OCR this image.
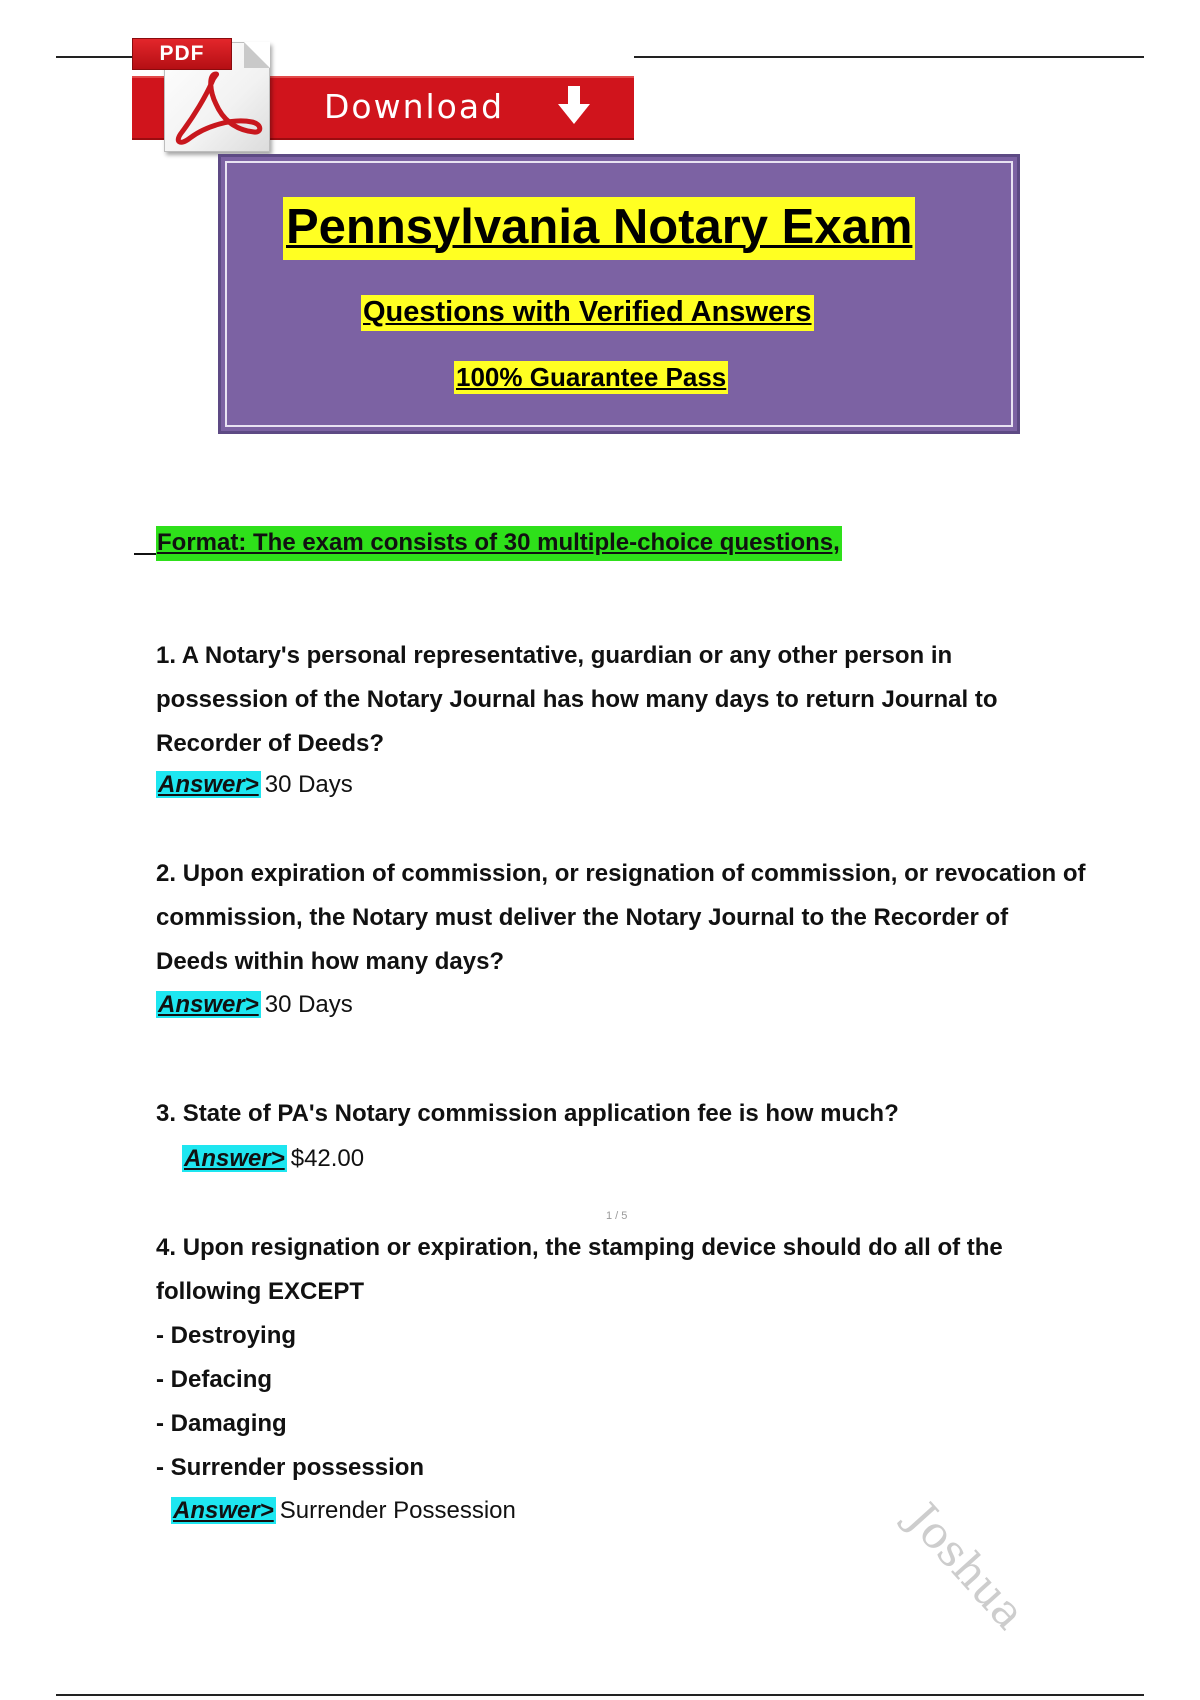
Download
PDF
Pennsylvania Notary Exam
Questions with Verified Answers
100% Guarantee Pass
Format: The exam consists of 30 multiple-choice questions,
1. A Notary's personal representative, guardian or any other person in possession of the Notary Journal has how many days to return Journal to Recorder of Deeds?
Answer> 30 Days
2. Upon expiration of commission, or resignation of commission, or revocation of commission, the Notary must deliver the Notary Journal to the Recorder of Deeds within how many days?
Answer> 30 Days
3. State of PA's Notary commission application fee is how much?
Answer> $42.00
1 / 5
4. Upon resignation or expiration, the stamping device should do all of the following EXCEPT
- Destroying
- Defacing
- Damaging
- Surrender possession
Answer> Surrender Possession	Joshua
